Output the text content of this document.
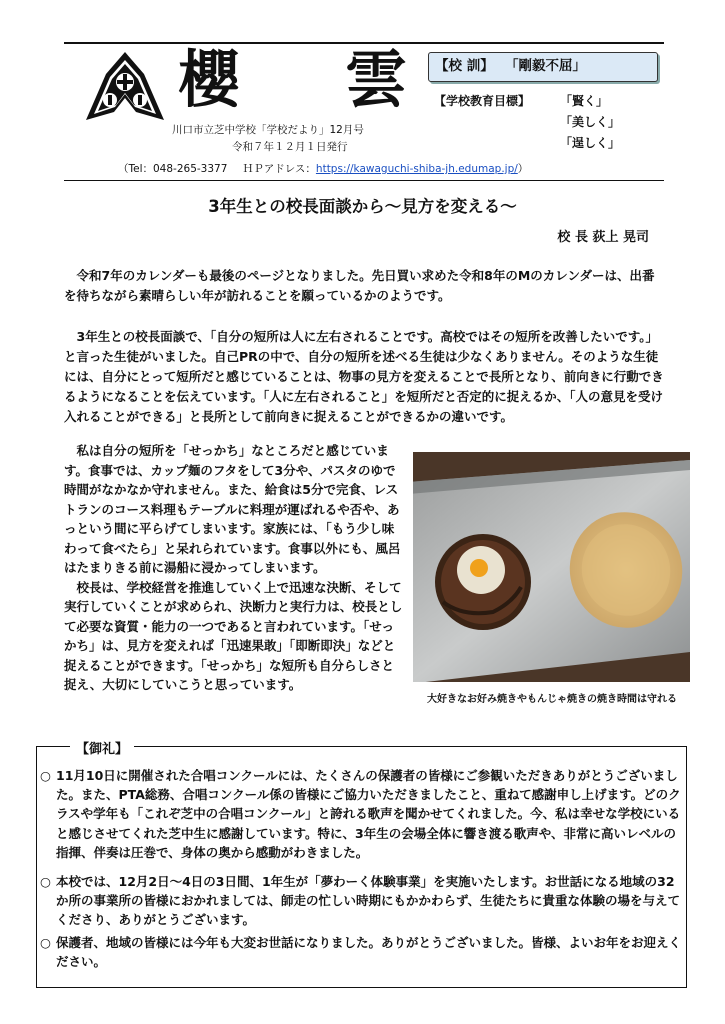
櫻 雲
川口市立芝中学校「学校だより」12月号
令和７年１２月１日発行
【校 訓】 「剛毅不屈」
【学校教育目標】 「賢く」
「美しく」
「逞しく」
（Tel：048-265-3377 ＨＰアドレス：https://kawaguchi-shiba-jh.edumap.jp/）
3年生との校長面談から～見方を変える～
校 長 荻上 晃司
令和7年のカレンダーも最後のページとなりました。先日買い求めた令和8年のMのカレンダーは、出番を待ちながら素晴らしい年が訪れることを願っているかのようです。
3年生との校長面談で、「自分の短所は人に左右されることです。高校ではその短所を改善したいです。」と言った生徒がいました。自己PRの中で、自分の短所を述べる生徒は少なくありません。そのような生徒には、自分にとって短所だと感じていることは、物事の見方を変えることで長所となり、前向きに行動できるようになることを伝えています。「人に左右されること」を短所だと否定的に捉えるか、「人の意見を受け入れることができる」と長所として前向きに捉えることができるかの違いです。

私は自分の短所を「せっかち」なところだと感じています。食事では、カップ麺のフタをして3分や、パスタのゆで時間がなかなか守れません。また、給食は5分で完食、レストランのコース料理もテーブルに料理が運ばれるや否や、あっという間に平らげてしまいます。家族には、「もう少し味わって食べたら」と呆れられています。食事以外にも、風呂はたまりきる前に湯船に浸かってしまいます。

校長は、学校経営を推進していく上で迅速な決断、そして実行していくことが求められ、決断力と実行力は、校長として必要な資質・能力の一つであると言われています。「せっかち」は、見方を変えれば「迅速果敢」「即断即決」などと捉えることができます。「せっかち」な短所も自分らしさと捉え、大切にしていこうと思っています。

大好きなお好み焼きやもんじゃ焼きの焼き時間は守れる
【御礼】
○ 11月10日に開催された合唱コンクールには、たくさんの保護者の皆様にご参観いただきありがとうございました。また、PTA総務、合唱コンクール係の皆様にご協力いただきましたこと、重ねて感謝申し上げます。どのクラスや学年も「これぞ芝中の合唱コンクール」と誇れる歌声を聞かせてくれました。今、私は幸せな学校にいると感じさせてくれた芝中生に感謝しています。特に、3年生の会場全体に響き渡る歌声や、非常に高いレベルの指揮、伴奏は圧巻で、身体の奥から感動がわきました。
○ 本校では、12月2日～4日の3日間、1年生が「夢わーく体験事業」を実施いたします。お世話になる地域の32か所の事業所の皆様におかれましては、師走の忙しい時期にもかかわらず、生徒たちに貴重な体験の場を与えてくださり、ありがとうございます。
○ 保護者、地域の皆様には今年も大変お世話になりました。ありがとうございました。皆様、よいお年をお迎えください。
